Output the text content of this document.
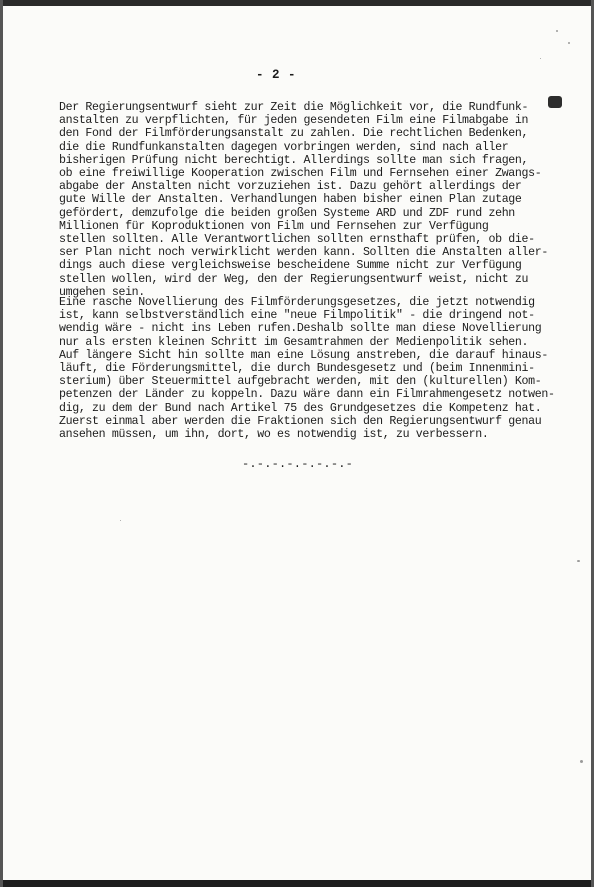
- 2 -

Der Regierungsentwurf sieht zur Zeit die Möglichkeit vor, die Rundfunk-
anstalten zu verpflichten, für jeden gesendeten Film eine Filmabgabe in
den Fond der Filmförderungsanstalt zu zahlen. Die rechtlichen Bedenken,
die die Rundfunkanstalten dagegen vorbringen werden, sind nach aller
bisherigen Prüfung nicht berechtigt. Allerdings sollte man sich fragen,
ob eine freiwillige Kooperation zwischen Film und Fernsehen einer Zwangs-
abgabe der Anstalten nicht vorzuziehen ist. Dazu gehört allerdings der
gute Wille der Anstalten. Verhandlungen haben bisher einen Plan zutage
gefördert, demzufolge die beiden großen Systeme ARD und ZDF rund zehn
Millionen für Koproduktionen von Film und Fernsehen zur Verfügung
stellen sollten. Alle Verantwortlichen sollten ernsthaft prüfen, ob die-
ser Plan nicht noch verwirklicht werden kann. Sollten die Anstalten aller-
dings auch diese vergleichsweise bescheidene Summe nicht zur Verfügung
stellen wollen, wird der Weg, den der Regierungsentwurf weist, nicht zu
umgehen sein.

Eine rasche Novellierung des Filmförderungsgesetzes, die jetzt notwendig
ist, kann selbstverständlich eine "neue Filmpolitik" - die dringend not-
wendig wäre - nicht ins Leben rufen.Deshalb sollte man diese Novellierung
nur als ersten kleinen Schritt im Gesamtrahmen der Medienpolitik sehen.
Auf längere Sicht hin sollte man eine Lösung anstreben, die darauf hinaus-
läuft, die Förderungsmittel, die durch Bundesgesetz und (beim Innenmini-
sterium) über Steuermittel aufgebracht werden, mit den (kulturellen) Kom-
petenzen der Länder zu koppeln. Dazu wäre dann ein Filmrahmengesetz notwen-
dig, zu dem der Bund nach Artikel 75 des Grundgesetzes die Kompetenz hat.
Zuerst einmal aber werden die Fraktionen sich den Regierungsentwurf genau
ansehen müssen, um ihn, dort, wo es notwendig ist, zu verbessern.

-.-.-.-.-.-.-.-
